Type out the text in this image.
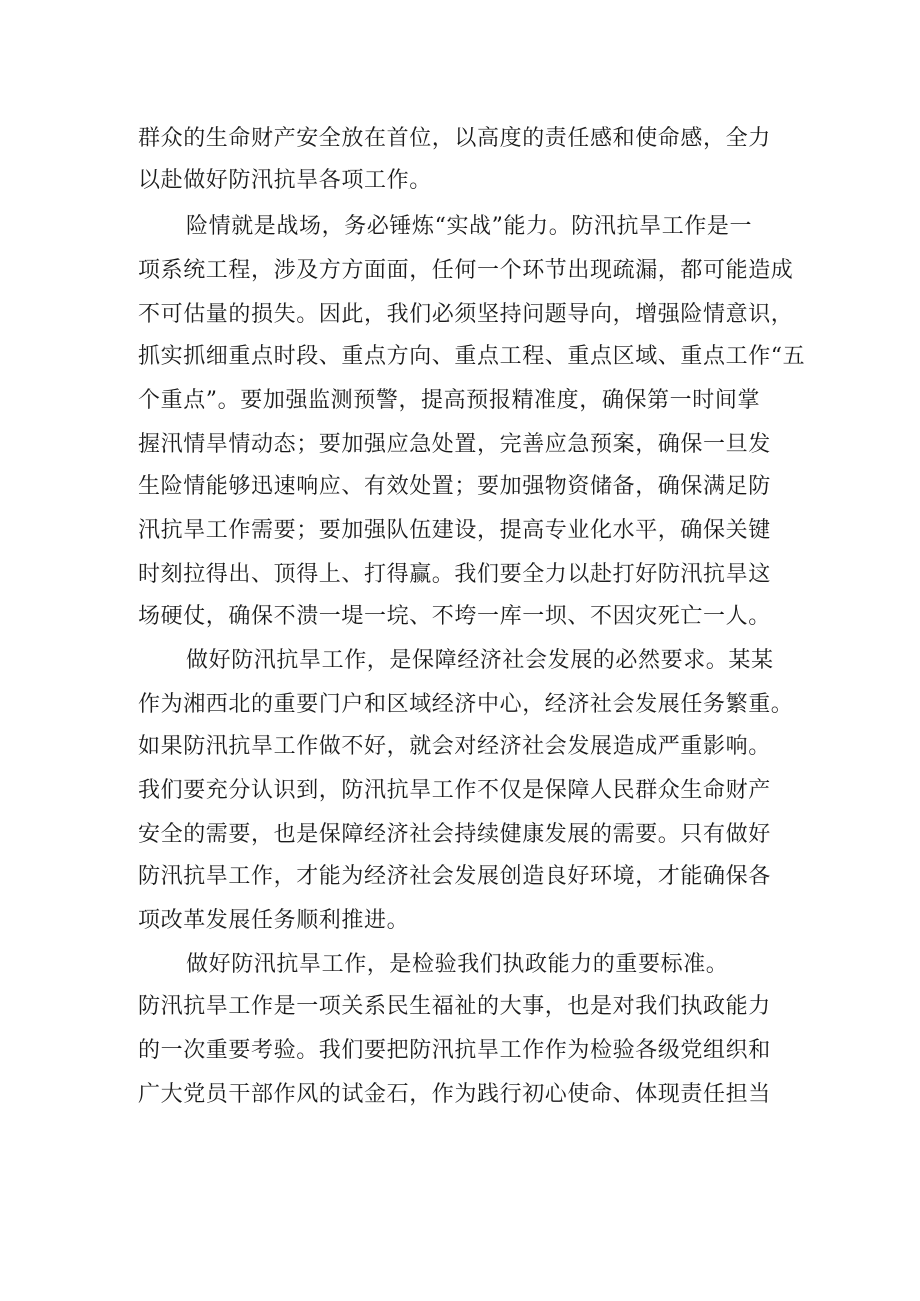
群众的生命财产安全放在首位，以高度的责任感和使命感，全力
以赴做好防汛抗旱各项工作。
险情就是战场，务必锤炼“实战”能力。防汛抗旱工作是一
项系统工程，涉及方方面面，任何一个环节出现疏漏，都可能造成
不可估量的损失。因此，我们必须坚持问题导向，增强险情意识，
抓实抓细重点时段、重点方向、重点工程、重点区域、重点工作“五
个重点”。要加强监测预警，提高预报精准度，确保第一时间掌
握汛情旱情动态；要加强应急处置，完善应急预案，确保一旦发
生险情能够迅速响应、有效处置；要加强物资储备，确保满足防
汛抗旱工作需要；要加强队伍建设，提高专业化水平，确保关键
时刻拉得出、顶得上、打得赢。我们要全力以赴打好防汛抗旱这
场硬仗，确保不溃一堤一垸、不垮一库一坝、不因灾死亡一人。
做好防汛抗旱工作，是保障经济社会发展的必然要求。某某
作为湘西北的重要门户和区域经济中心，经济社会发展任务繁重。
如果防汛抗旱工作做不好，就会对经济社会发展造成严重影响。
我们要充分认识到，防汛抗旱工作不仅是保障人民群众生命财产
安全的需要，也是保障经济社会持续健康发展的需要。只有做好
防汛抗旱工作，才能为经济社会发展创造良好环境，才能确保各
项改革发展任务顺利推进。
做好防汛抗旱工作，是检验我们执政能力的重要标准。
防汛抗旱工作是一项关系民生福祉的大事，也是对我们执政能力
的一次重要考验。我们要把防汛抗旱工作作为检验各级党组织和
广大党员干部作风的试金石，作为践行初心使命、体现责任担当
